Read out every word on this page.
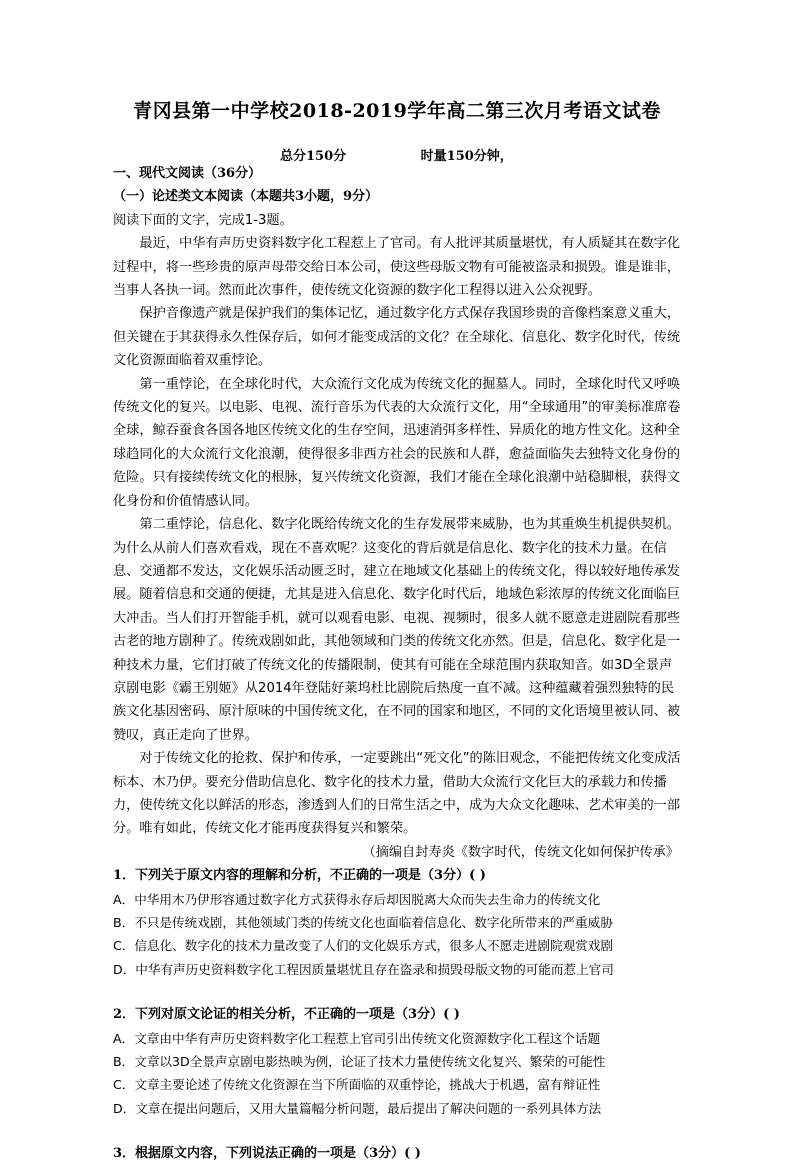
青冈县第一中学校2018-2019学年高二第三次月考语文试卷
总分150分	时量150分钟，

一、现代文阅读（36分）

（一）论述类文本阅读（本题共3小题，9分）

阅读下面的文字，完成1-3题。

最近，中华有声历史资料数字化工程惹上了官司。有人批评其质量堪忧，有人质疑其在数字化过程中，将一些珍贵的原声母带交给日本公司，使这些母版文物有可能被盗录和损毁。谁是谁非，当事人各执一词。然而此次事件，使传统文化资源的数字化工程得以进入公众视野。

保护音像遗产就是保护我们的集体记忆，通过数字化方式保存我国珍贵的音像档案意义重大，但关键在于其获得永久性保存后，如何才能变成活的文化？在全球化、信息化、数字化时代，传统文化资源面临着双重悖论。

第一重悖论，在全球化时代，大众流行文化成为传统文化的掘墓人。同时，全球化时代又呼唤传统文化的复兴。以电影、电视、流行音乐为代表的大众流行文化，用“全球通用”的审美标准席卷全球，鲸吞蚕食各国各地区传统文化的生存空间，迅速消弭多样性、异质化的地方性文化。这种全球趋同化的大众流行文化浪潮，使得很多非西方社会的民族和人群，愈益面临失去独特文化身份的危险。只有接续传统文化的根脉，复兴传统文化资源，我们才能在全球化浪潮中站稳脚根，获得文化身份和价值情感认同。

第二重悖论，信息化、数字化既给传统文化的生存发展带来威胁，也为其重焕生机提供契机。为什么从前人们喜欢看戏，现在不喜欢呢？这变化的背后就是信息化、数字化的技术力量。在信息、交通都不发达，文化娱乐活动匮乏时，建立在地域文化基础上的传统文化，得以较好地传承发展。随着信息和交通的便捷，尤其是进入信息化、数字化时代后，地域色彩浓厚的传统文化面临巨大冲击。当人们打开智能手机，就可以观看电影、电视、视频时，很多人就不愿意走进剧院看那些古老的地方剧种了。传统戏剧如此，其他领域和门类的传统文化亦然。但是，信息化、数字化是一种技术力量，它们打破了传统文化的传播限制，使其有可能在全球范围内获取知音。如3D全景声京剧电影《霸王别姬》从2014年登陆好莱坞杜比剧院后热度一直不减。这种蕴藏着强烈独特的民族文化基因密码、原汁原味的中国传统文化，在不同的国家和地区，不同的文化语境里被认同、被赞叹，真正走向了世界。

对于传统文化的抢救、保护和传承，一定要跳出“死文化”的陈旧观念，不能把传统文化变成活标本、木乃伊。要充分借助信息化、数字化的技术力量，借助大众流行文化巨大的承载力和传播力，使传统文化以鲜活的形态，渗透到人们的日常生活之中，成为大众文化趣味、艺术审美的一部分。唯有如此，传统文化才能再度获得复兴和繁荣。

（摘编自封寿炎《数字时代，传统文化如何保护传承》

1．下列关于原文内容的理解和分析，不正确的一项是（3分）( )

A．中华用木乃伊形容通过数字化方式获得永存后却因脱离大众而失去生命力的传统文化

B．不只是传统戏剧，其他领域门类的传统文化也面临着信息化、数字化所带来的严重威胁

C．信息化、数字化的技术力量改变了人们的文化娱乐方式，很多人不愿走进剧院观赏戏剧

D．中华有声历史资料数字化工程因质量堪忧且存在盗录和损毁母版文物的可能而惹上官司

2．下列对原文论证的相关分析，不正确的一项是（3分）( )

A．文章由中华有声历史资料数字化工程惹上官司引出传统文化资源数字化工程这个话题

B．文章以3D全景声京剧电影热映为例，论证了技术力量使传统文化复兴、繁荣的可能性

C．文章主要论述了传统文化资源在当下所面临的双重悖论，挑战大于机遇，富有辩证性

D．文章在提出问题后，又用大量篇幅分析问题，最后提出了解决问题的一系列具体方法

3．根据原文内容，下列说法正确的一项是（3分）( )
